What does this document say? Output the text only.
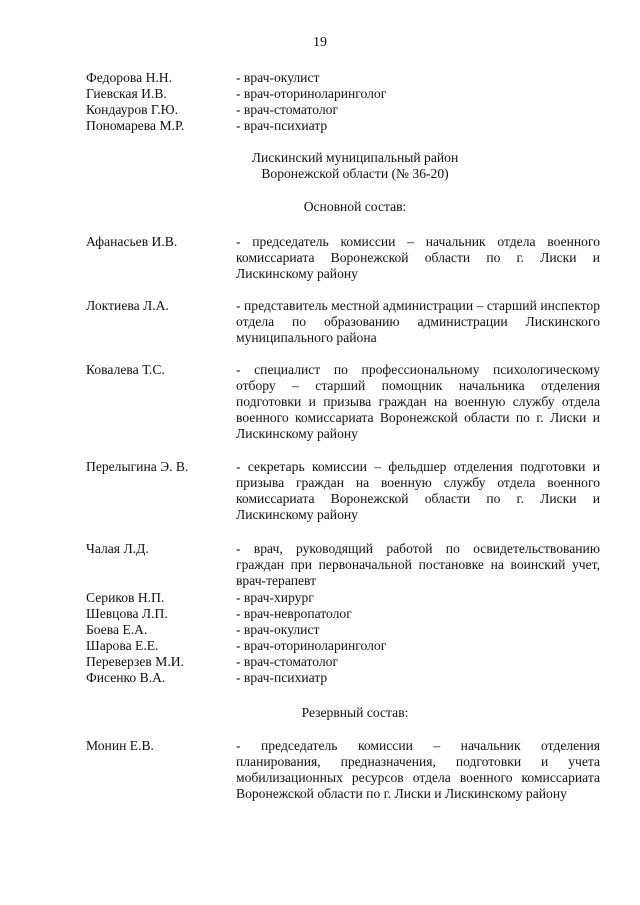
19
Федорова Н.Н.	- врач-окулист
Гиевская И.В.	- врач-оториноларинголог
Кондауров Г.Ю.	- врач-стоматолог
Пономарева М.Р.	- врач-психиатр
Лискинский муниципальный район
Воронежской области (№ 36-20)
Основной состав:
Афанасьев И.В.	- председатель комиссии – начальник отдела военного комиссариата Воронежской области по г. Лиски и Лискинскому району
Локтиева Л.А.	- представитель местной администрации – старший инспектор отдела по образованию администрации Лискинского муниципального района
Ковалева Т.С.	- специалист по профессиональному психологическому отбору – старший помощник начальника отделения подготовки и призыва граждан на военную службу отдела военного комиссариата Воронежской области по г. Лиски и Лискинскому району
Перелыгина Э. В.	- секретарь комиссии – фельдшер отделения подготовки и призыва граждан на военную службу отдела военного комиссариата Воронежской области по г. Лиски и Лискинскому району
Чалая Л.Д.	- врач, руководящий работой по освидетельствованию граждан при первоначальной постановке на воинский учет, врач-терапевт
Сериков Н.П.	- врач-хирург
Шевцова Л.П.	- врач-невропатолог
Боева Е.А.	- врач-окулист
Шарова Е.Е.	- врач-оториноларинголог
Переверзев М.И.	- врач-стоматолог
Фисенко В.А.	- врач-психиатр
Резервный состав:
Монин Е.В.	- председатель комиссии – начальник отделения планирования, предназначения, подготовки и учета мобилизационных ресурсов отдела военного комиссариата Воронежской области по г. Лиски и Лискинскому району
